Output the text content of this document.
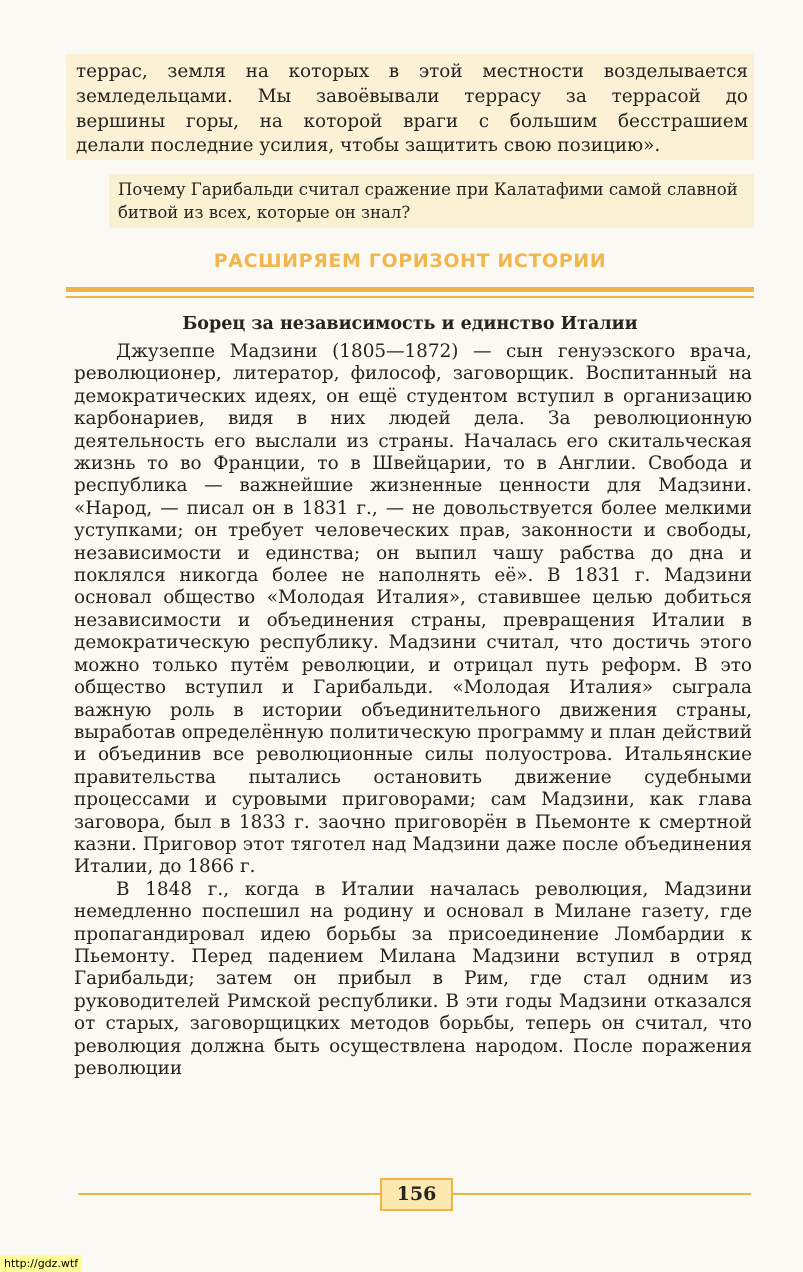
террас, земля на которых в этой местности возделывается
земледельцами. Мы завоёвывали террасу за террасой до
вершины горы, на которой враги с большим бесстрашием
делали последние усилия, чтобы защитить свою позицию».
Почему Гарибальди считал сражение при Калатафими самой славной битвой из всех, которые он знал?
РАСШИРЯЕМ ГОРИЗОНТ ИСТОРИИ
Борец за независимость и единство Италии

Джузеппе Мадзини (1805—1872) — сын генуэзского врача, революционер, литератор, философ, заговорщик. Воспитанный на демократических идеях, он ещё студентом вступил в организацию карбонариев, видя в них людей дела. За революционную деятельность его выслали из страны. Началась его скитальческая жизнь то во Франции, то в Швейцарии, то в Англии. Свобода и республика — важнейшие жизненные ценности для Мадзини. «Народ, — писал он в 1831 г., — не довольствуется более мелкими уступками; он требует человеческих прав, законности и свободы, независимости и единства; он выпил чашу рабства до дна и поклялся никогда более не наполнять её». В 1831 г. Мадзини основал общество «Молодая Италия», ставившее целью добиться независимости и объединения страны, превращения Италии в демократическую республику. Мадзини считал, что достичь этого можно только путём революции, и отрицал путь реформ. В это общество вступил и Гарибальди. «Молодая Италия» сыграла важную роль в истории объединительного движения страны, выработав определённую политическую программу и план действий и объединив все революционные силы полуострова. Итальянские правительства пытались остановить движение судебными процессами и суровыми приговорами; сам Мадзини, как глава заговора, был в 1833 г. заочно приговорён в Пьемонте к смертной казни. Приговор этот тяготел над Мадзини даже после объединения Италии, до 1866 г.

В 1848 г., когда в Италии началась революция, Мадзини немедленно поспешил на родину и основал в Милане газету, где пропагандировал идею борьбы за присоединение Ломбардии к Пьемонту. Перед падением Милана Мадзини вступил в отряд Гарибальди; затем он прибыл в Рим, где стал одним из руководителей Римской республики. В эти годы Мадзини отказался от старых, заговорщицких методов борьбы, теперь он считал, что революция должна быть осуществлена народом. После поражения революции

156
http://gdz.wtf
